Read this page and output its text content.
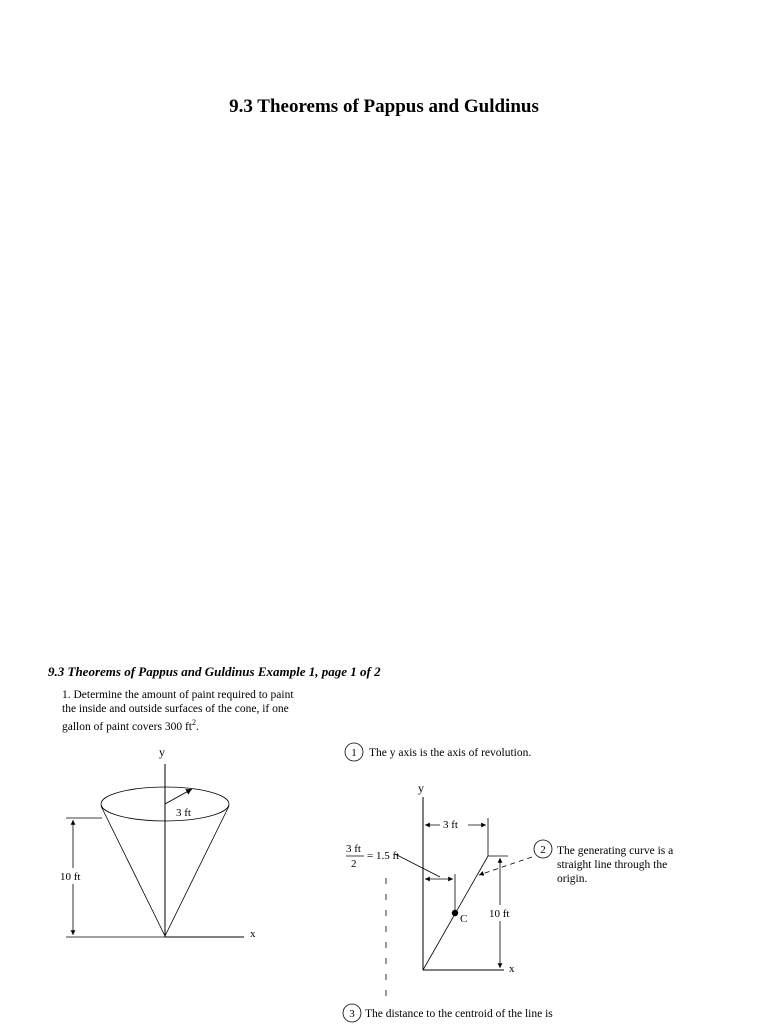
9.3 Theorems of Pappus and Guldinus
9.3 Theorems of Pappus and Guldinus Example 1, page 1 of 2
1. Determine the amount of paint required to paint
the inside and outside surfaces of the cone, if one
gallon of paint covers 300 $ft^2$.
y
x
3 ft
10 ft
1 The y axis is the axis of revolution.
y
x
3 ft
10 ft
C
3 ft
2
= 1.5 ft	2 The generating curve is a
straight line through the
origin.
3 The distance to the centroid of the line is
